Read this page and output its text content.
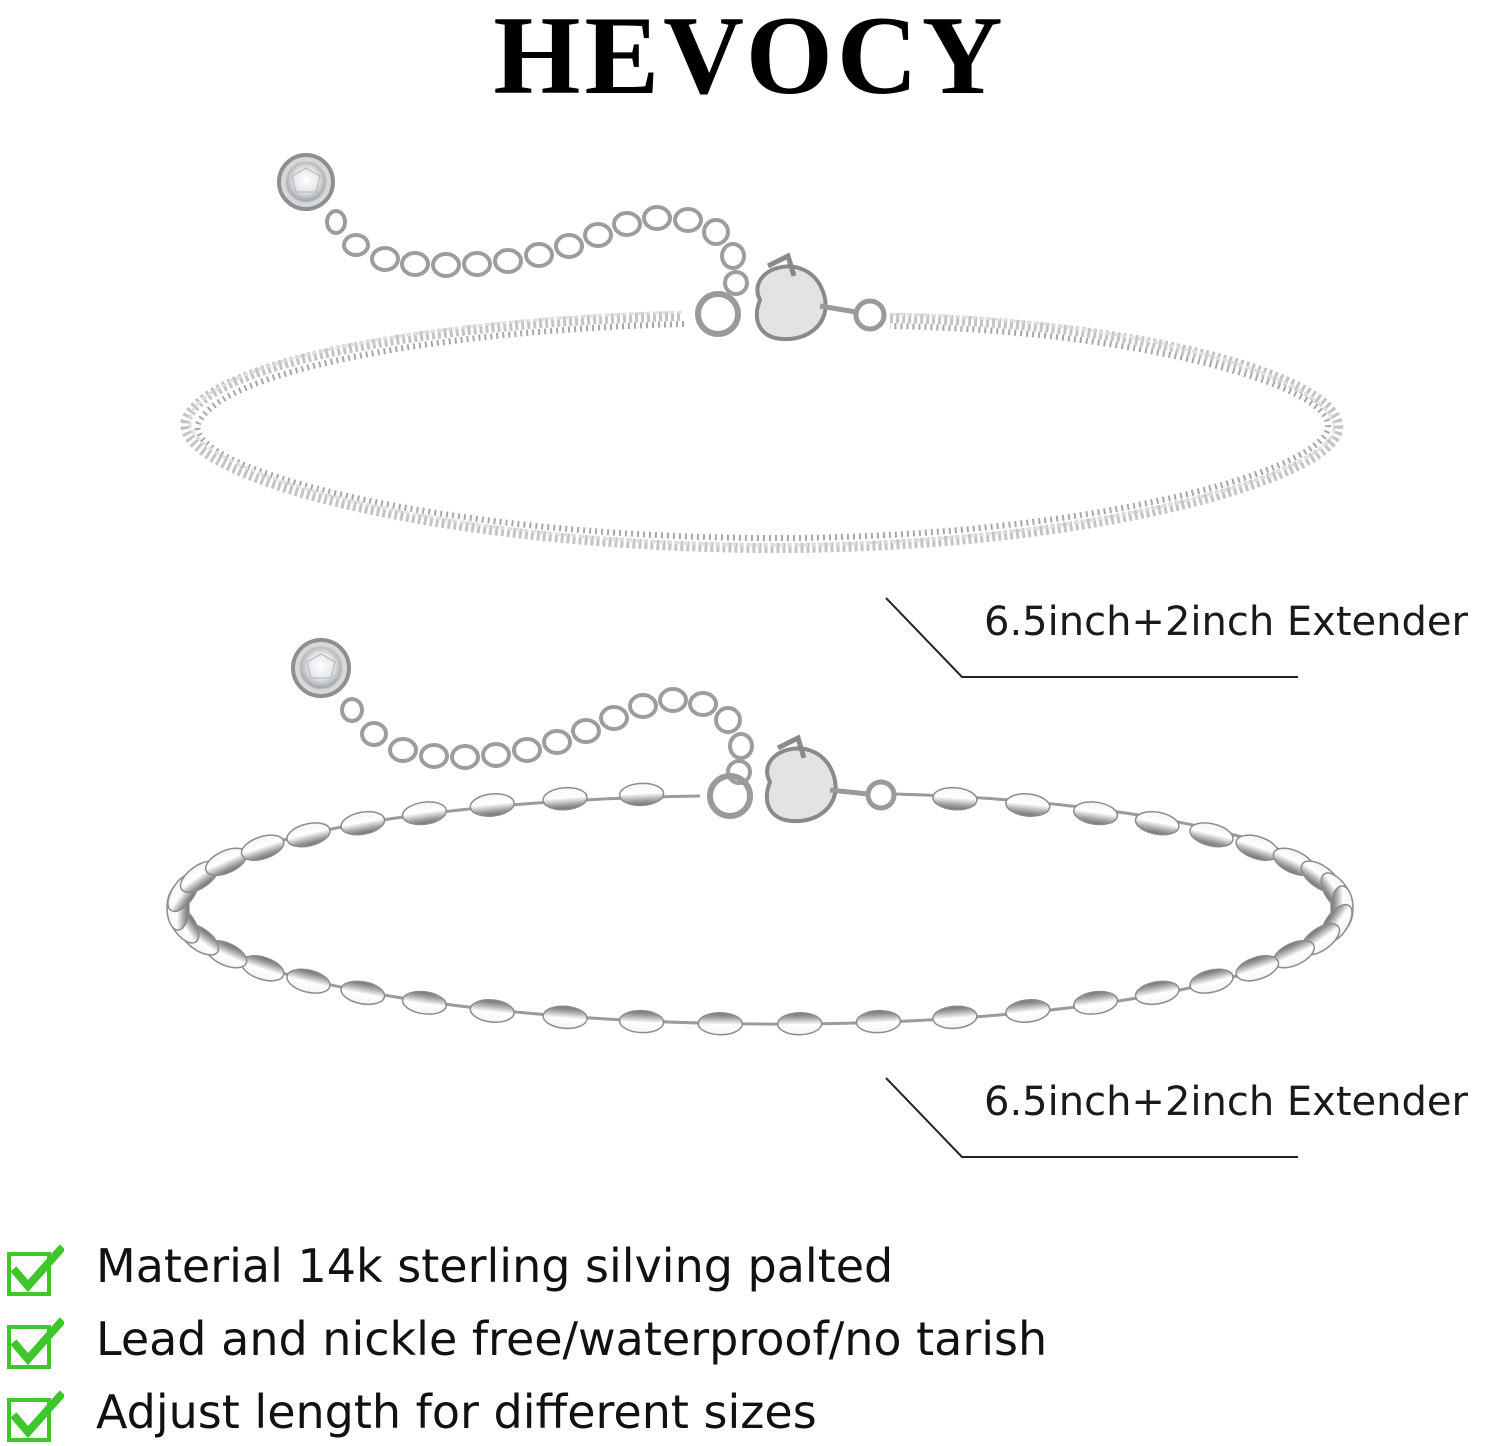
HEVOCY
6.5inch+2inch Extender
6.5inch+2inch Extender
Material 14k sterling silving palted
Lead and nickle free/waterproof/no tarish
Adjust length for different sizes
